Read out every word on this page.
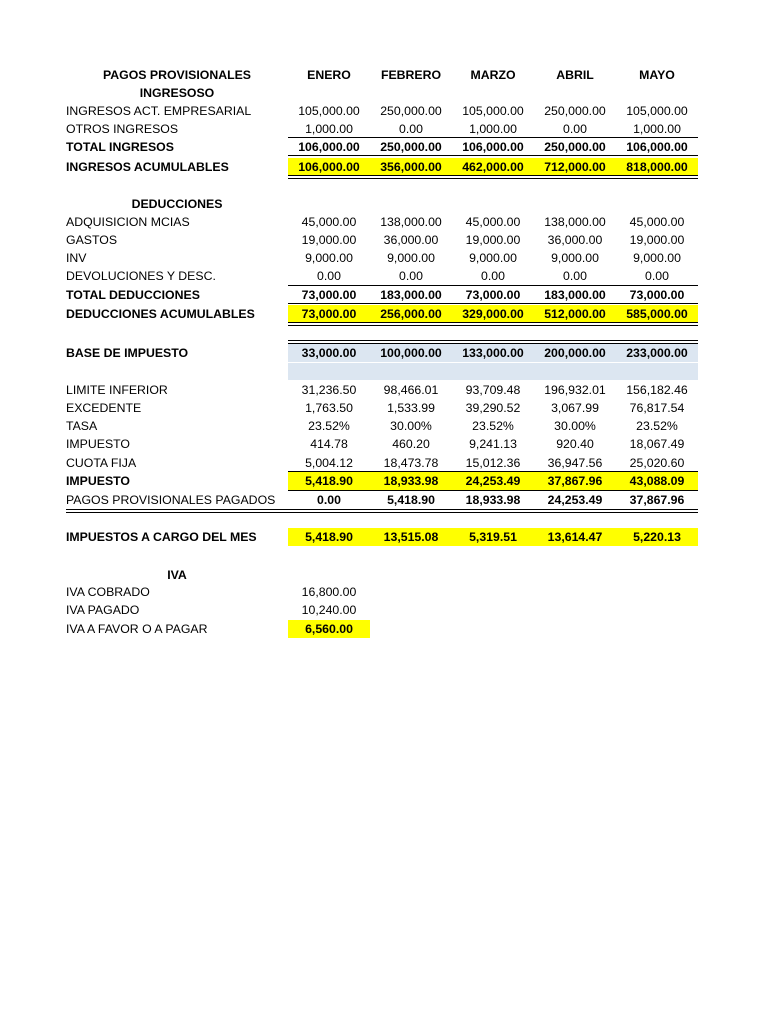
PAGOS PROVISIONALES	ENERO	FEBRERO	MARZO	ABRIL	MAYO
INGRESOSO
INGRESOS ACT. EMPRESARIAL	105,000.00	250,000.00	105,000.00	250,000.00	105,000.00
OTROS INGRESOS	1,000.00	0.00	1,000.00	0.00	1,000.00
TOTAL INGRESOS	106,000.00	250,000.00	106,000.00	250,000.00	106,000.00
INGRESOS ACUMULABLES	106,000.00	356,000.00	462,000.00	712,000.00	818,000.00
DEDUCCIONES
ADQUISICION MCIAS	45,000.00	138,000.00	45,000.00	138,000.00	45,000.00
GASTOS	19,000.00	36,000.00	19,000.00	36,000.00	19,000.00
INV	9,000.00	9,000.00	9,000.00	9,000.00	9,000.00
DEVOLUCIONES Y DESC.	0.00	0.00	0.00	0.00	0.00
TOTAL DEDUCCIONES	73,000.00	183,000.00	73,000.00	183,000.00	73,000.00
DEDUCCIONES ACUMULABLES	73,000.00	256,000.00	329,000.00	512,000.00	585,000.00
BASE DE IMPUESTO	33,000.00	100,000.00	133,000.00	200,000.00	233,000.00
LIMITE INFERIOR	31,236.50	98,466.01	93,709.48	196,932.01	156,182.46
EXCEDENTE	1,763.50	1,533.99	39,290.52	3,067.99	76,817.54
TASA	23.52%	30.00%	23.52%	30.00%	23.52%
IMPUESTO	414.78	460.20	9,241.13	920.40	18,067.49
CUOTA FIJA	5,004.12	18,473.78	15,012.36	36,947.56	25,020.60
IMPUESTO	5,418.90	18,933.98	24,253.49	37,867.96	43,088.09
PAGOS PROVISIONALES PAGADOS	0.00	5,418.90	18,933.98	24,253.49	37,867.96
IMPUESTOS A CARGO DEL MES	5,418.90	13,515.08	5,319.51	13,614.47	5,220.13
IVA
IVA COBRADO	16,800.00
IVA PAGADO	10,240.00
IVA A FAVOR O A PAGAR	6,560.00
